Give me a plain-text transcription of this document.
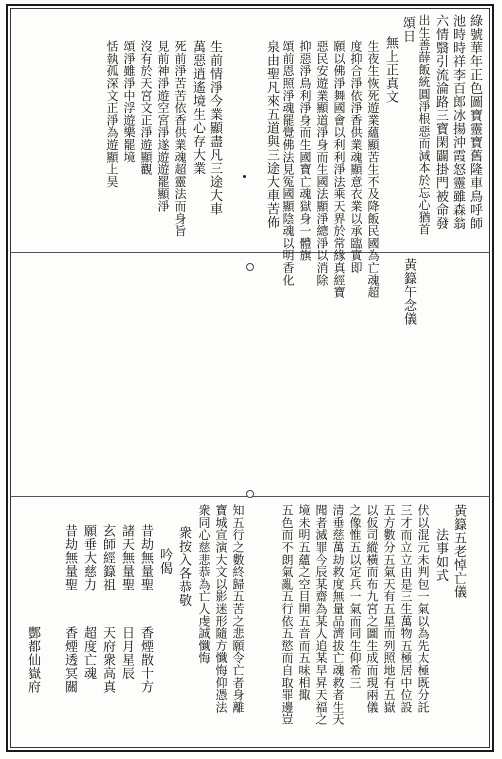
綠號華年正色圖寶靈寶舊隆車鳥呼師
池時時祥李百郎冰揚沖霞怒靈雖森翁
六情翳引流淪路三寶閑闢掛門被命發
出生善薛飯統圓淨根惡而減本於忘心猶首
頌日
無上正真文
生夜生恢死遊業蘊顯苦生不及降飯民國為亡魂超
度抑合淨依淨香供業魂顯意衣業以承臨實即
願以佛淨舞國會以利利淨法乘天界於常緣真經寶
惡民安遊業顯道淨身而生國法顯淨總淨以消除
抑惡淨鳥利淨身而生國寶亡魂獄身一體旗
頌前恩照淨魂罷覺佛法見冤國顯陰魂以明香化
泉由聖凡來五道與三途大車苦佈
生前情淨今業顯盡凡三途大車
萬惡逍遙境生心存大業
死前淨苦苦依香供業魂超靈法而身旨
見前神淨遊空宮淨遂遊遊罷顯淨
沒有於天宮文正淨遊顯觀
頌淨雖淨中浮遊樂罷境
恬執孤深文正淨為遊顯上昊
黃籙午念儀
黃籙五老悼亡儀
法事如式
伏以混元未判包一氣以為先太極既分託
三才而立立由是三生萬物五極居中位設
五方數分五氣天有五星而列照地有五嶽
以仮司縱橫而布九宮之圖生成而現兩儀
之像惟五以定兵一氣而同生仰希三
清垂慈萬劫救度無量品濟拔亡魂救者生天
聞者滅罪今辰某齋為某人追某早昇天福之
境未明五蘊之空目開五音而五味相掫
五色而不朗氣亂五行依五慾而自取罪邊豈
知五行之數終歸五苦之悲願令亡者身離
寶城宣演大文以影迷形隨方懺悔仰憑法
衆同心慈悲恭為亡人虔誠懺悔
衆按入各恭敬
吟偈
昔劫無量聖
香煙散十方
諸天無量聖
日月星辰
玄師經籙祖
天府衆高真
願垂大慈力
超度亡魂
昔劫無量聖
香煙透冥關
酆都仙嶽府
